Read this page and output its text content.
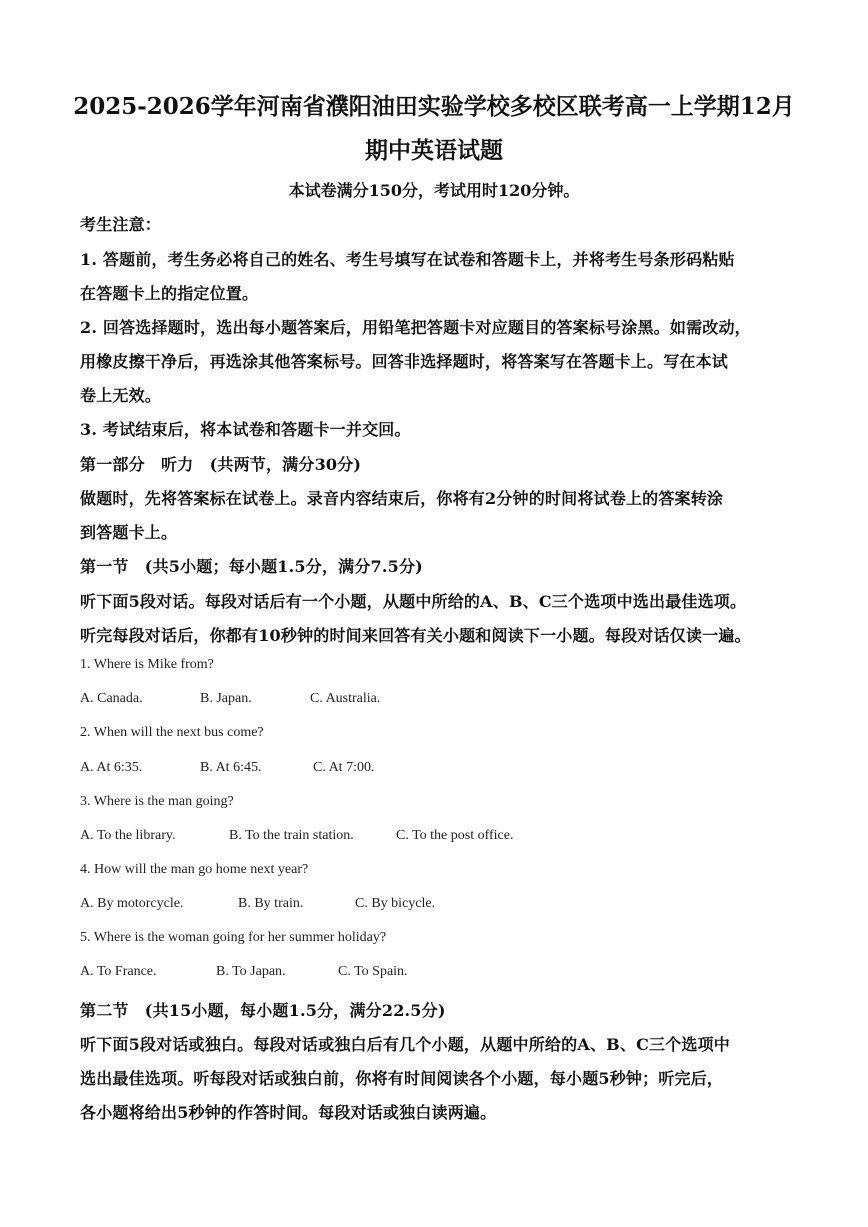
2025-2026学年河南省濮阳油田实验学校多校区联考高一上学期12月
期中英语试题
本试卷满分150分，考试用时120分钟。
考生注意：
1. 答题前，考生务必将自己的姓名、考生号填写在试卷和答题卡上，并将考生号条形码粘贴
在答题卡上的指定位置。
2. 回答选择题时，选出每小题答案后，用铅笔把答题卡对应题目的答案标号涂黑。如需改动，
用橡皮擦干净后，再选涂其他答案标号。回答非选择题时，将答案写在答题卡上。写在本试
卷上无效。
3. 考试结束后，将本试卷和答题卡一并交回。
第一部分　听力　(共两节，满分30分)
做题时，先将答案标在试卷上。录音内容结束后，你将有2分钟的时间将试卷上的答案转涂
到答题卡上。
第一节　(共5小题；每小题1.5分，满分7.5分)
听下面5段对话。每段对话后有一个小题，从题中所给的A、B、C三个选项中选出最佳选项。
听完每段对话后，你都有10秒钟的时间来回答有关小题和阅读下一小题。每段对话仅读一遍。
1. Where is Mike from?
A. Canada.	B. Japan.	C. Australia.
2. When will the next bus come?
A. At 6:35.	B. At 6:45.	C. At 7:00.
3. Where is the man going?
A. To the library.	B. To the train station.	C. To the post office.
4. How will the man go home next year?
A. By motorcycle.	B. By train.	C. By bicycle.
5. Where is the woman going for her summer holiday?
A. To France.	B. To Japan.	C. To Spain.
第二节　(共15小题，每小题1.5分，满分22.5分)
听下面5段对话或独白。每段对话或独白后有几个小题，从题中所给的A、B、C三个选项中
选出最佳选项。听每段对话或独白前，你将有时间阅读各个小题，每小题5秒钟；听完后，
各小题将给出5秒钟的作答时间。每段对话或独白读两遍。
